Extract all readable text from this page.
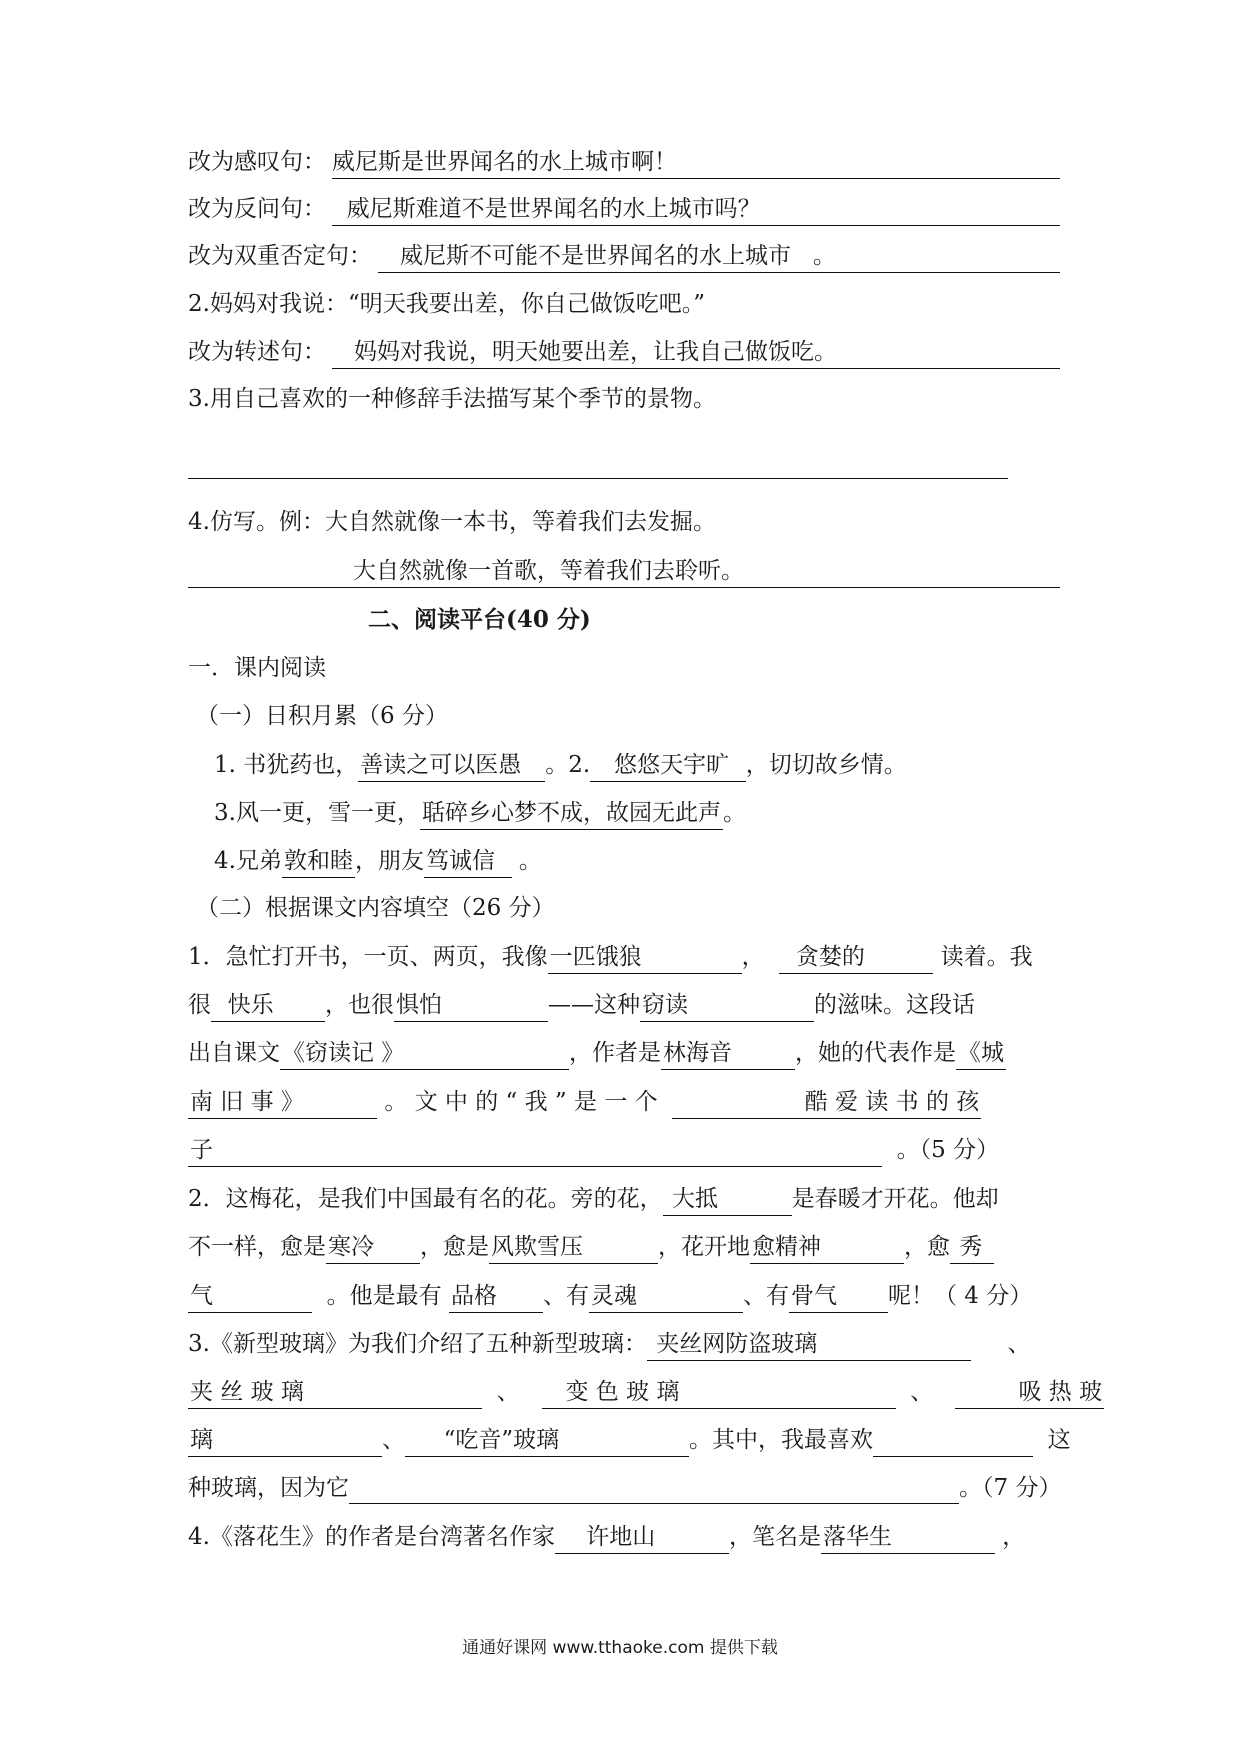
改为感叹句： 威尼斯是世界闻名的水上城市啊！
改为反问句： 威尼斯难道不是世界闻名的水上城市吗？
改为双重否定句：	威尼斯不可能不是世界闻名的水上城市 。
2.妈妈对我说：“明天我要出差，你自己做饭吃吧。”
改为转述句：	妈妈对我说，明天她要出差，让我自己做饭吃。
3.用自己喜欢的一种修辞手法描写某个季节的景物。
4.仿写。例：大自然就像一本书，等着我们去发掘。
大自然就像一首歌，等着我们去聆听。
二、阅读平台(40 分)
一．课内阅读
（一）日积月累（6 分）
1. 书犹药也，善读之可以医愚 。2. 悠悠天宇旷 ，切切故乡情。
3.风一更，雪一更，聒碎乡心梦不成，故园无此声。
4.兄弟敦和睦，朋友笃诚信 。
（二）根据课文内容填空（26 分）
1．急忙打开书，一页、两页，我像一匹饿狼	， 贪婪的	读着。我
很 快乐 ，也很惧怕	——这种窃读	的滋味。这段话
出自课文《窃读记 》	，作者是林海音	，她的代表作是《城
南 旧 事 》	。 文 中 的 “ 我 ” 是 一 个	酷 爱 读 书 的 孩
子	。（5 分）
2．这梅花，是我们中国最有名的花。旁的花， 大抵	是春暖才开花。他却
不一样，愈是寒冷 ，愈是风欺雪压	，花开地愈精神	，愈 秀
气	。他是最有 品格 、有灵魂	、有骨气 呢！（ 4 分）
3.《新型玻璃》为我们介绍了五种新型玻璃： 夹丝网防盗玻璃	、
夹 丝 玻 璃	、 变 色 玻 璃	、	吸 热 玻
璃	、 “吃音”玻璃	。其中，我最喜欢	这
种玻璃，因为它	。（7 分）
4.《落花生》的作者是台湾著名作家 许地山	，笔名是落华生	，
通通好课网 www.tthaoke.com 提供下载
